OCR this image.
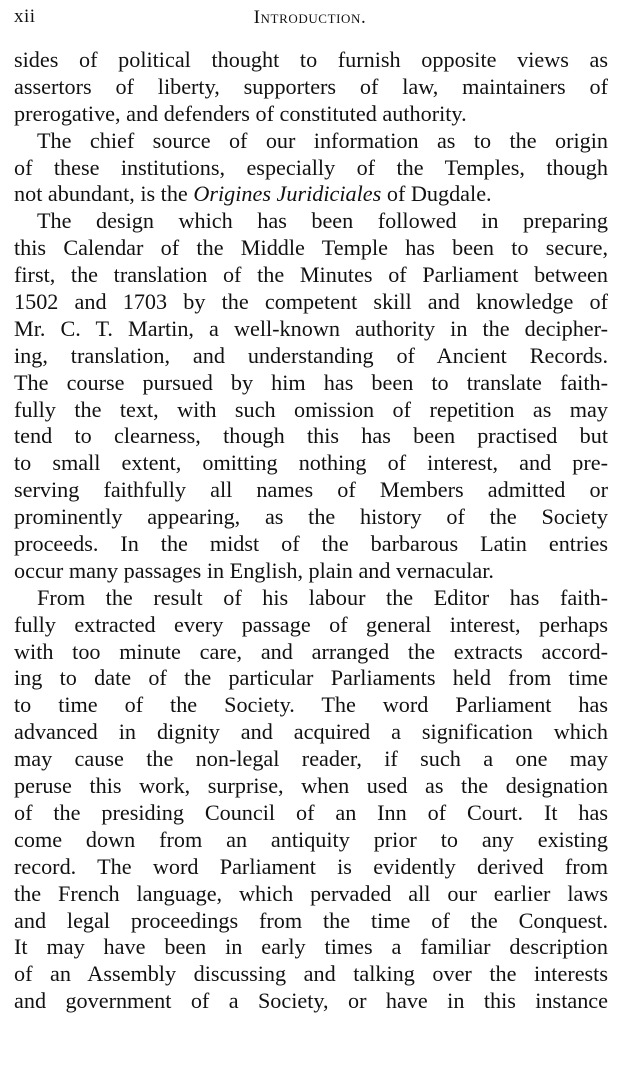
xii	Introduction.
sides of political thought to furnish opposite views as
assertors of liberty, supporters of law, maintainers of
prerogative, and defenders of constituted authority.
The chief source of our information as to the origin
of these institutions, especially of the Temples, though
not abundant, is the Origines Juridiciales of Dugdale.
The design which has been followed in preparing
this Calendar of the Middle Temple has been to secure,
first, the translation of the Minutes of Parliament between
1502 and 1703 by the competent skill and knowledge of
Mr. C. T. Martin, a well-known authority in the decipher-
ing, translation, and understanding of Ancient Records.
The course pursued by him has been to translate faith-
fully the text, with such omission of repetition as may
tend to clearness, though this has been practised but
to small extent, omitting nothing of interest, and pre-
serving faithfully all names of Members admitted or
prominently appearing, as the history of the Society
proceeds. In the midst of the barbarous Latin entries
occur many passages in English, plain and vernacular.
From the result of his labour the Editor has faith-
fully extracted every passage of general interest, perhaps
with too minute care, and arranged the extracts accord-
ing to date of the particular Parliaments held from time
to time of the Society. The word Parliament has
advanced in dignity and acquired a signification which
may cause the non-legal reader, if such a one may
peruse this work, surprise, when used as the designation
of the presiding Council of an Inn of Court. It has
come down from an antiquity prior to any existing
record. The word Parliament is evidently derived from
the French language, which pervaded all our earlier laws
and legal proceedings from the time of the Conquest.
It may have been in early times a familiar description
of an Assembly discussing and talking over the interests
and government of a Society, or have in this instance
